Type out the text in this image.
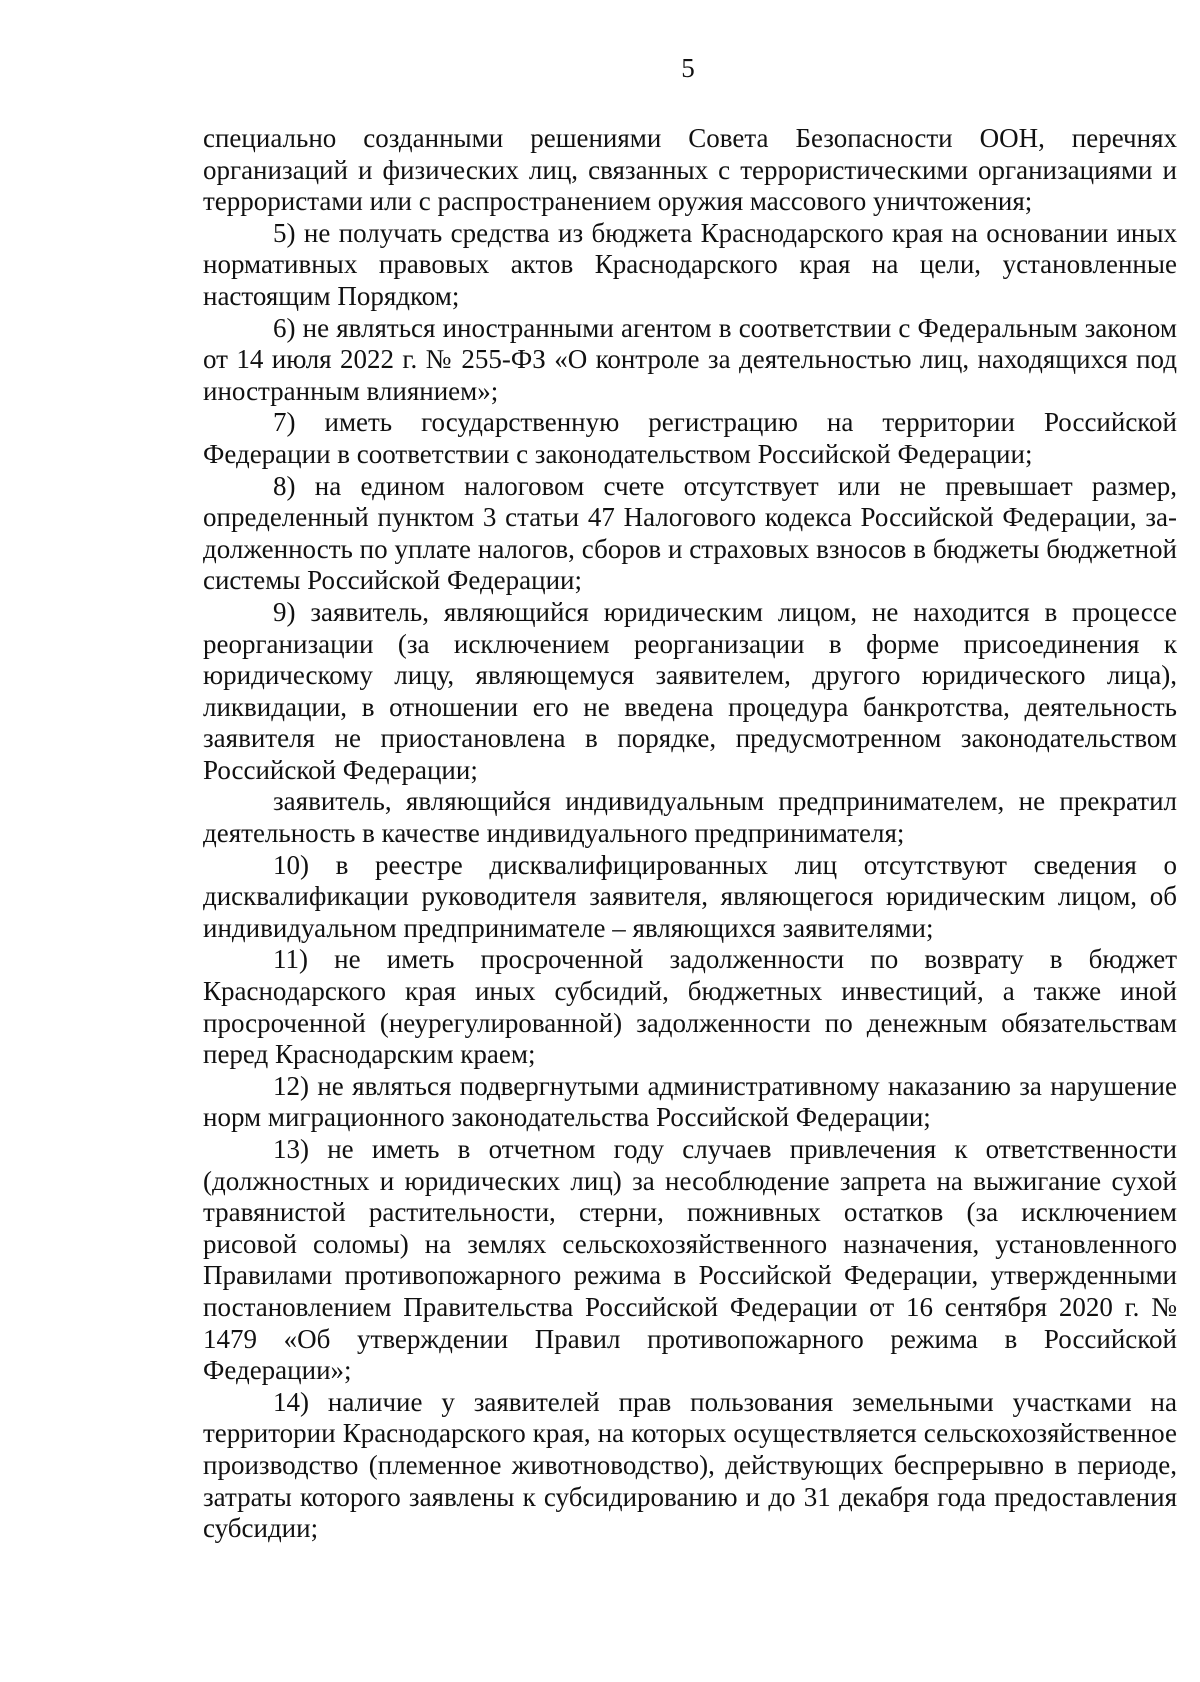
5

специально созданными решениями Совета Безопасности ООН, перечнях организаций и физических лиц, связанных с террористическими организациями и террористами или с распространением оружия массового уничтожения;

5) не получать средства из бюджета Краснодарского края на основании иных нормативных правовых актов Краснодарского края на цели, установленные настоящим Порядком;

6) не являться иностранными агентом в соответствии с Федеральным законом от 14 июля 2022 г. № 255-ФЗ «О контроле за деятельностью лиц, находящихся под иностранным влиянием»;

7) иметь государственную регистрацию на территории Российской Федерации в соответствии с законодательством Российской Федерации;

8) на едином налоговом счете отсутствует или не превышает размер, определенный пунктом 3 статьи 47 Налогового кодекса Российской Федерации, за-долженность по уплате налогов, сборов и страховых взносов в бюджеты бюджетной системы Российской Федерации;

9) заявитель, являющийся юридическим лицом, не находится в процессе реорганизации (за исключением реорганизации в форме присоединения к юридическому лицу, являющемуся заявителем, другого юридического лица), ликвидации, в отношении его не введена процедура банкротства, деятельность заявителя не приостановлена в порядке, предусмотренном законодательством Российской Федерации;

заявитель, являющийся индивидуальным предпринимателем, не прекратил деятельность в качестве индивидуального предпринимателя;

10) в реестре дисквалифицированных лиц отсутствуют сведения о дисквалификации руководителя заявителя, являющегося юридическим лицом, об индивидуальном предпринимателе – являющихся заявителями;

11) не иметь просроченной задолженности по возврату в бюджет Краснодарского края иных субсидий, бюджетных инвестиций, а также иной просроченной (неурегулированной) задолженности по денежным обязательствам перед Краснодарским краем;

12) не являться подвергнутыми административному наказанию за нарушение норм миграционного законодательства Российской Федерации;

13) не иметь в отчетном году случаев привлечения к ответственности (должностных и юридических лиц) за несоблюдение запрета на выжигание сухой травянистой растительности, стерни, пожнивных остатков (за исключением рисовой соломы) на землях сельскохозяйственного назначения, установленного Правилами противопожарного режима в Российской Федерации, утвержденными постановлением Правительства Российской Федерации от 16 сентября 2020 г. № 1479 «Об утверждении Правил противопожарного режима в Российской Федерации»;

14) наличие у заявителей прав пользования земельными участками на территории Краснодарского края, на которых осуществляется сельскохозяйственное производство (племенное животноводство), действующих беспрерывно в периоде, затраты которого заявлены к субсидированию и до 31 декабря года предоставления субсидии;
